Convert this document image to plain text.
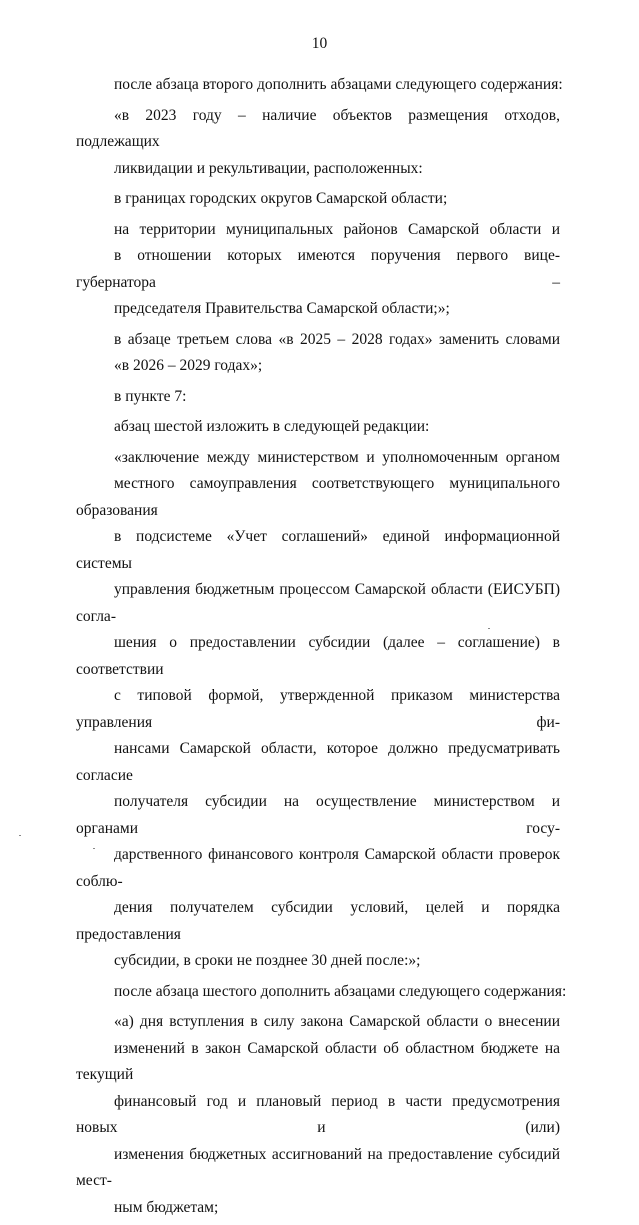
10

после абзаца второго дополнить абзацами следующего содержания:

«в 2023 году – наличие объектов размещения отходов, подлежащих
ликвидации и рекультивации, расположенных:

в границах городских округов Самарской области;

на территории муниципальных районов Самарской области и
в отношении которых имеются поручения первого вице-губернатора –
председателя Правительства Самарской области;»;

в абзаце третьем слова «в 2025 – 2028 годах» заменить словами
«в 2026 – 2029 годах»;

в пункте 7:

абзац шестой изложить в следующей редакции:

«заключение между министерством и уполномоченным органом
местного самоуправления соответствующего муниципального образования
в подсистеме «Учет соглашений» единой информационной системы
управления бюджетным процессом Самарской области (ЕИСУБП) согла-
шения о предоставлении субсидии (далее – соглашение) в соответствии
с типовой формой, утвержденной приказом министерства управления фи-
нансами Самарской области, которое должно предусматривать согласие
получателя субсидии на осуществление министерством и органами госу-
дарственного финансового контроля Самарской области проверок соблю-
дения получателем субсидии условий, целей и порядка предоставления
субсидии, в сроки не позднее 30 дней после:»;

после абзаца шестого дополнить абзацами следующего содержания:

«а) дня вступления в силу закона Самарской области о внесении
изменений в закон Самарской области об областном бюджете на текущий
финансовый год и плановый период в части предусмотрения новых и (или)
изменения бюджетных ассигнований на предоставление субсидий мест-
ным бюджетам;
